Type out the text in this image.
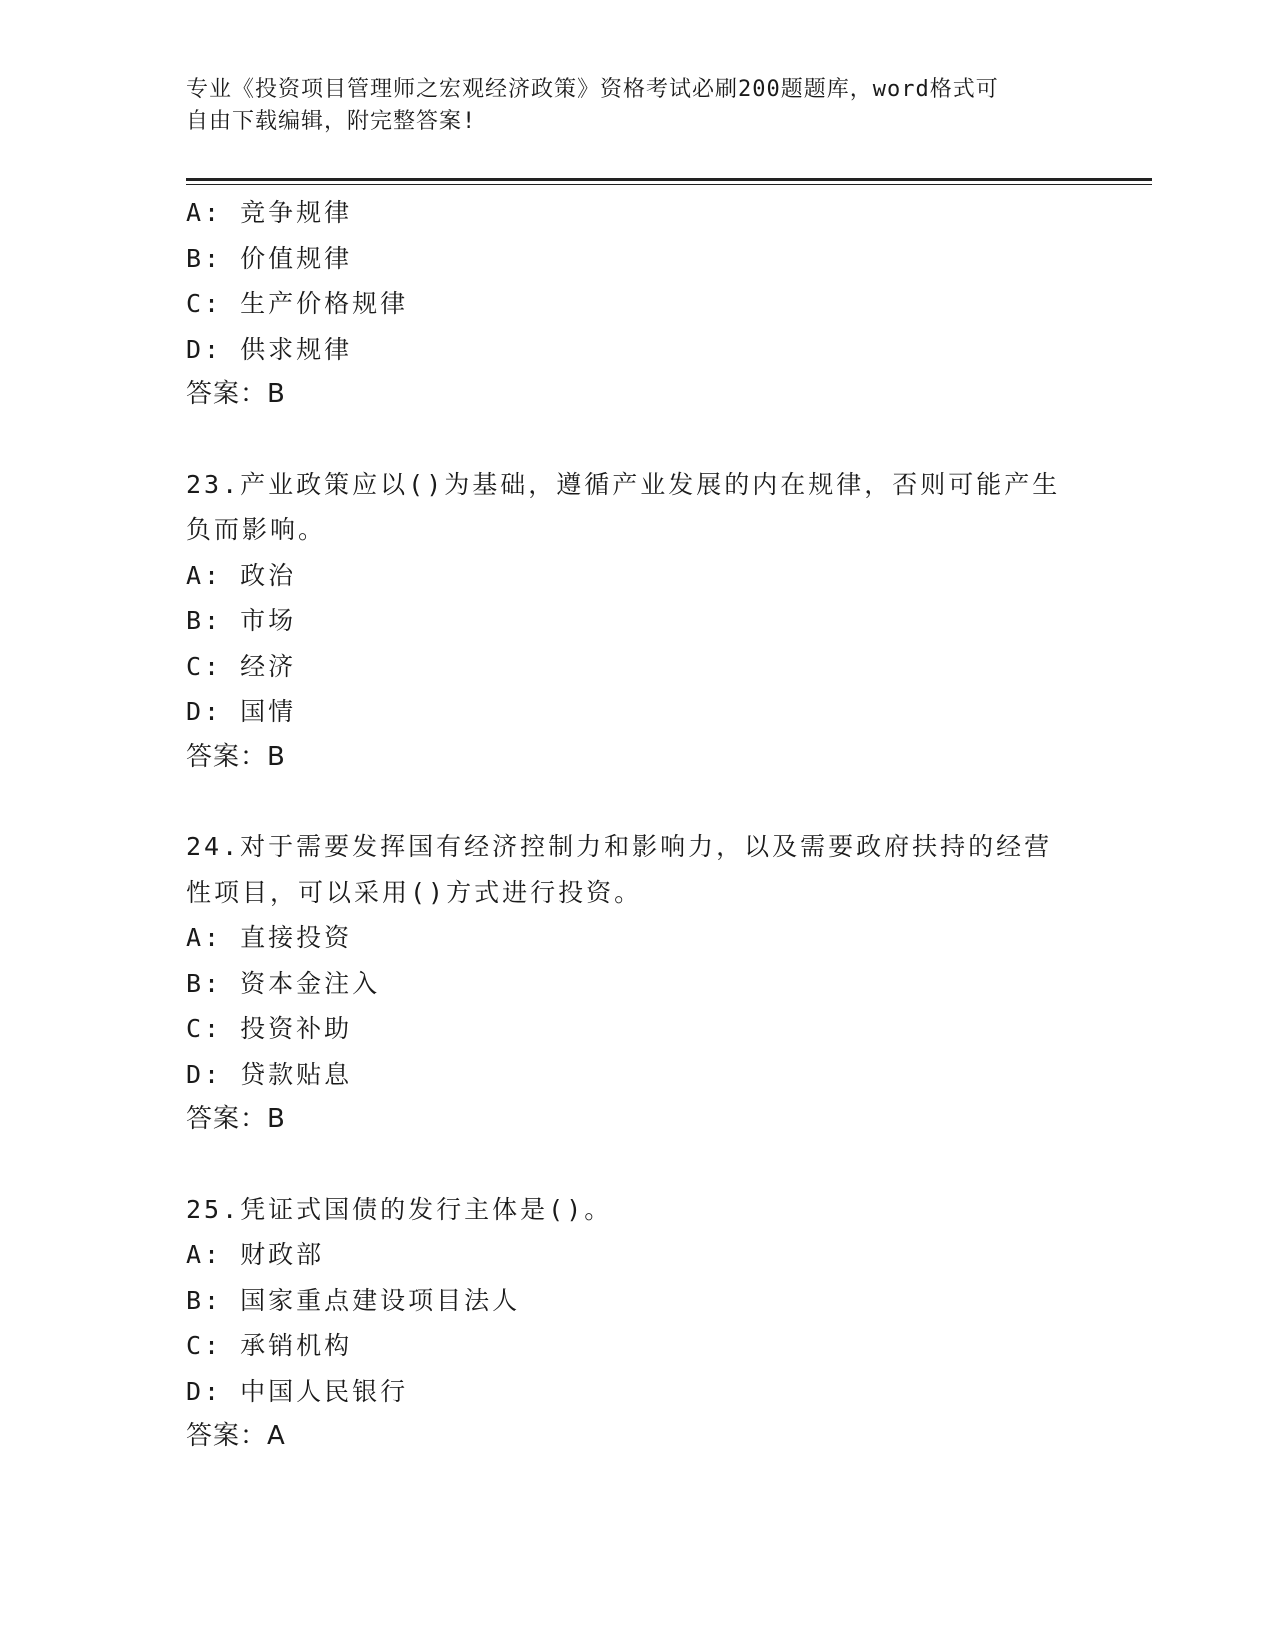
专业《投资项目管理师之宏观经济政策》资格考试必刷200题题库，word格式可
自由下载编辑，附完整答案!
A: 竞争规律
B: 价值规律
C: 生产价格规律
D: 供求规律
答案：B
23.产业政策应以()为基础，遵循产业发展的内在规律，否则可能产生
负而影响。
A: 政治
B: 市场
C: 经济
D: 国情
答案：B
24.对于需要发挥国有经济控制力和影响力，以及需要政府扶持的经营
性项目，可以采用()方式进行投资。
A: 直接投资
B: 资本金注入
C: 投资补助
D: 贷款贴息
答案：B
25.凭证式国债的发行主体是()。
A: 财政部
B: 国家重点建设项目法人
C: 承销机构
D: 中国人民银行
答案：A
